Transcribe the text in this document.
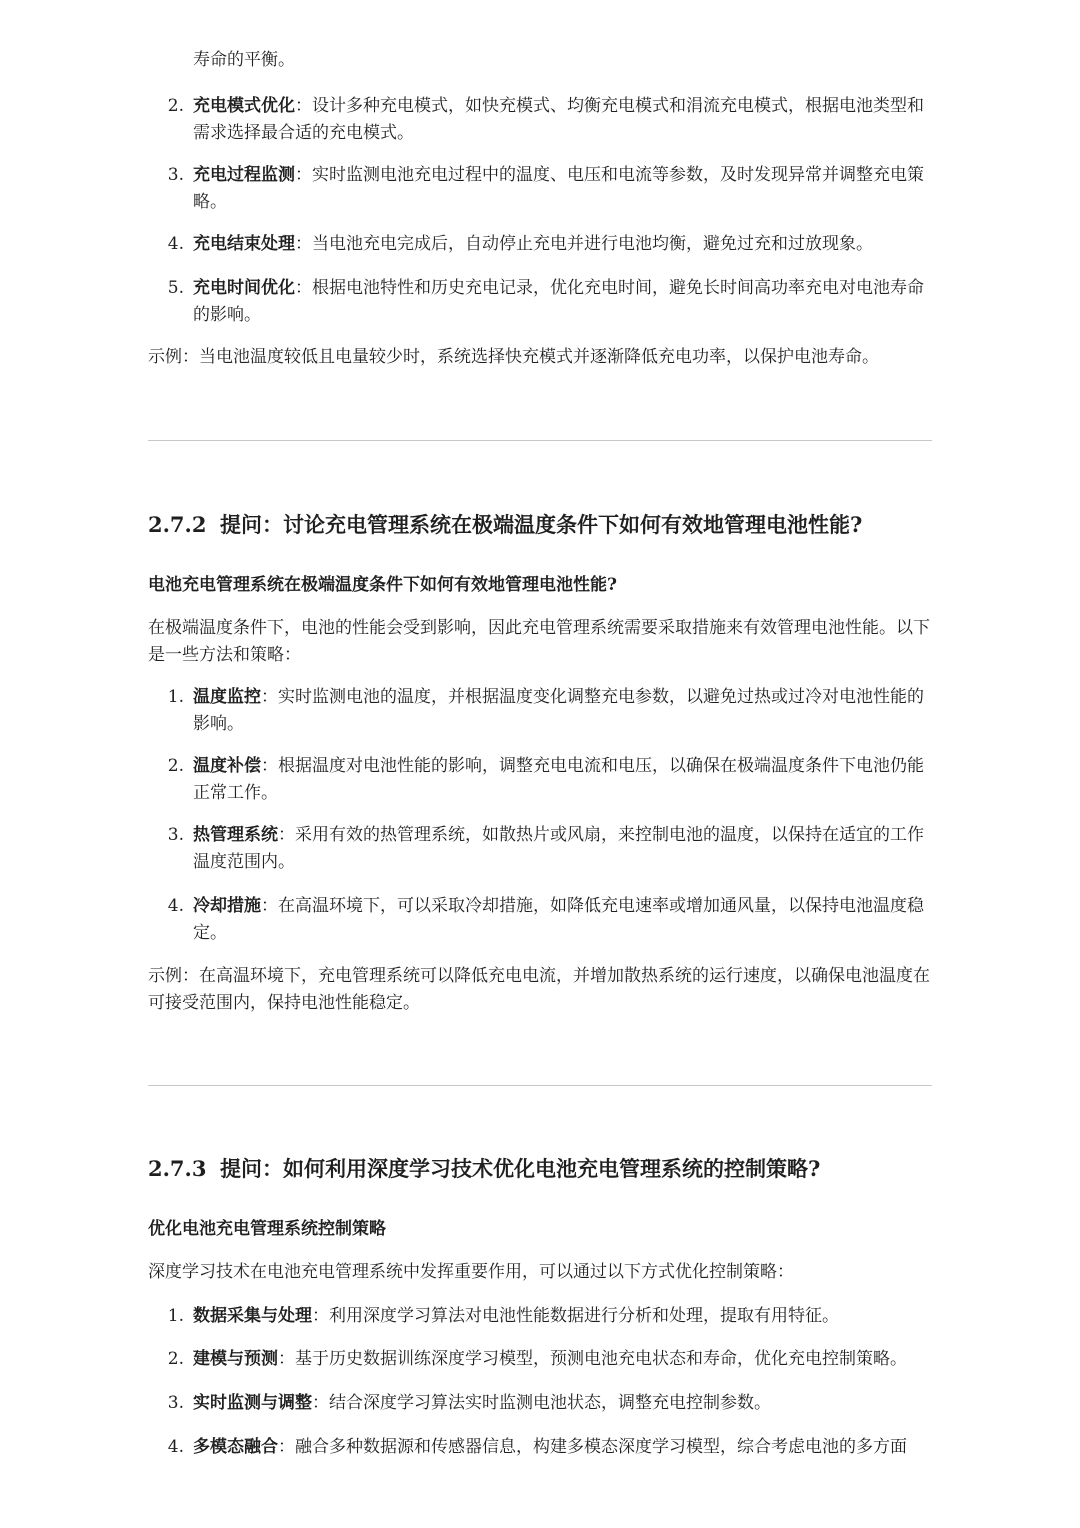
寿命的平衡。
2. 充电模式优化：设计多种充电模式，如快充模式、均衡充电模式和涓流充电模式，根据电池类型和需求选择最合适的充电模式。
3. 充电过程监测：实时监测电池充电过程中的温度、电压和电流等参数，及时发现异常并调整充电策略。
4. 充电结束处理：当电池充电完成后，自动停止充电并进行电池均衡，避免过充和过放现象。
5. 充电时间优化：根据电池特性和历史充电记录，优化充电时间，避免长时间高功率充电对电池寿命的影响。
示例：当电池温度较低且电量较少时，系统选择快充模式并逐渐降低充电功率，以保护电池寿命。
2.7.2 提问：讨论充电管理系统在极端温度条件下如何有效地管理电池性能?
电池充电管理系统在极端温度条件下如何有效地管理电池性能?
在极端温度条件下，电池的性能会受到影响，因此充电管理系统需要采取措施来有效管理电池性能。以下是一些方法和策略：
1. 温度监控：实时监测电池的温度，并根据温度变化调整充电参数，以避免过热或过冷对电池性能的影响。
2. 温度补偿：根据温度对电池性能的影响，调整充电电流和电压，以确保在极端温度条件下电池仍能正常工作。
3. 热管理系统：采用有效的热管理系统，如散热片或风扇，来控制电池的温度，以保持在适宜的工作温度范围内。
4. 冷却措施：在高温环境下，可以采取冷却措施，如降低充电速率或增加通风量，以保持电池温度稳定。
示例：在高温环境下，充电管理系统可以降低充电电流，并增加散热系统的运行速度，以确保电池温度在可接受范围内，保持电池性能稳定。
2.7.3 提问：如何利用深度学习技术优化电池充电管理系统的控制策略?
优化电池充电管理系统控制策略
深度学习技术在电池充电管理系统中发挥重要作用，可以通过以下方式优化控制策略：
1. 数据采集与处理：利用深度学习算法对电池性能数据进行分析和处理，提取有用特征。
2. 建模与预测：基于历史数据训练深度学习模型，预测电池充电状态和寿命，优化充电控制策略。
3. 实时监测与调整：结合深度学习算法实时监测电池状态，调整充电控制参数。
4. 多模态融合：融合多种数据源和传感器信息，构建多模态深度学习模型，综合考虑电池的多方面
